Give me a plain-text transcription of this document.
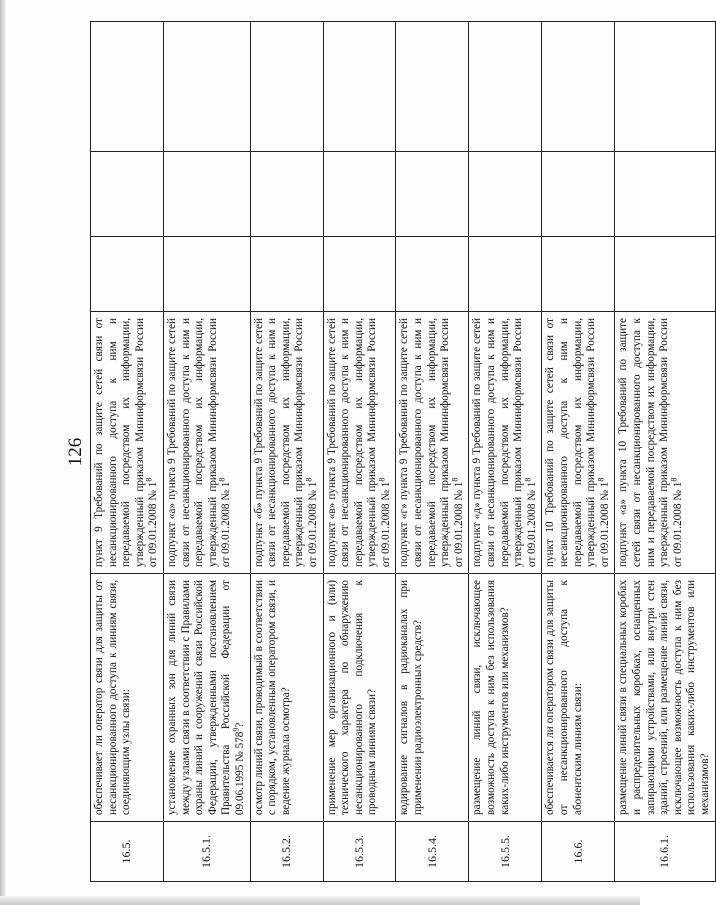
126
16.5.	обеспечивает ли оператор связи для защиты от несанкционированного доступа к линиям связи, соединяющим узлы связи:	пункт 9 Требований по защите сетей связи от несанкционированного доступа к ним и передаваемой посредством их информации, утвержденный приказом Мининформсвязи России от 09.01.2008 № $1^8$			
16.5.1.	установление охранных зон для линий связи между узлами связи в соответствии с Правилами охраны линий и сооружений связи Российской Федерации, утвержденными постановлением Правительства Российской Федерации от 09.06.1995 № $578^9$?	подпункт «а» пункта 9 Требований по защите сетей связи от несанкционированного доступа к ним и передаваемой посредством их информации, утвержденный приказом Мининформсвязи России от 09.01.2008 № $1^8$			
16.5.2.	осмотр линий связи, проводимый в соответствии с порядком, установленным оператором связи, и ведение журнала осмотра?	подпункт «б» пункта 9 Требований по защите сетей связи от несанкционированного доступа к ним и передаваемой посредством их информации, утвержденный приказом Мининформсвязи России от 09.01.2008 № $1^8$			
16.5.3.	применение мер организационного и (или) технического характера по обнаружению несанкционированного подключения к проводным линиям связи?	подпункт «в» пункта 9 Требований по защите сетей связи от несанкционированного доступа к ним и передаваемой посредством их информации, утвержденный приказом Мининформсвязи России от 09.01.2008 № $1^8$			
16.5.4.	кодирование сигналов в радиоканалах при применении радиоэлектронных средств?	подпункт «г» пункта 9 Требований по защите сетей связи от несанкционированного доступа к ним и передаваемой посредством их информации, утвержденный приказом Мининформсвязи России от 09.01.2008 № $1^8$			
16.5.5.	размещение линий связи, исключающее возможность доступа к ним без использования каких-либо инструментов или механизмов?	подпункт «д» пункта 9 Требований по защите сетей связи от несанкционированного доступа к ним и передаваемой посредством их информации, утвержденный приказом Мининформсвязи России от 09.01.2008 № $1^8$			
16.6.	обеспечивается ли оператором связи для защиты от несанкционированного доступа к абонентским линиям связи:	пункт 10 Требований по защите сетей связи от несанкционированного доступа к ним и передаваемой посредством их информации, утвержденный приказом Мининформсвязи России от 09.01.2008 № $1^8$			
16.6.1.	размещение линий связи в специальных коробах и распределительных коробках, оснащенных запирающими устройствами, или внутри стен зданий, строений, или размещение линий связи, исключающее возможность доступа к ним без использования каких-либо инструментов или механизмов?	подпункт «а» пункта 10 Требований по защите сетей связи от несанкционированного доступа к ним и передаваемой посредством их информации, утвержденный приказом Мининформсвязи России от 09.01.2008 № $1^8$			
